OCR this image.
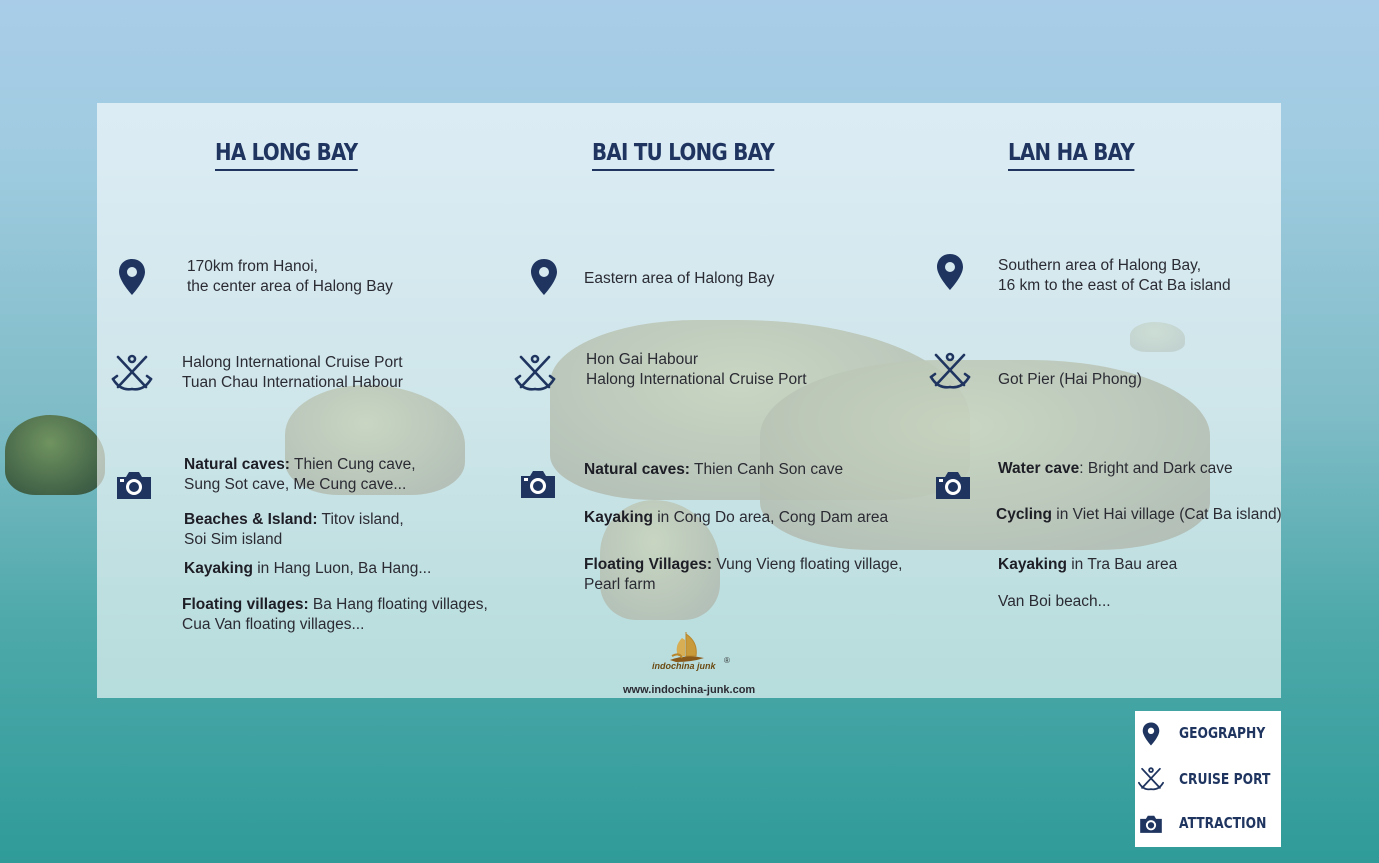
HA LONG BAY	BAI TU LONG BAY	LAN HA BAY
170km from Hanoi,
the center area of Halong Bay
Halong International Cruise Port
Tuan Chau International Habour
Natural caves: Thien Cung cave,
Sung Sot cave, Me Cung cave...
Beaches & Island: Titov island,
Soi Sim island
Kayaking in Hang Luon, Ba Hang...
Floating villages: Ba Hang floating villages,
Cua Van floating villages...
Eastern area of Halong Bay
Hon Gai Habour
Halong International Cruise Port
Natural caves: Thien Canh Son cave
Kayaking in Cong Do area, Cong Dam area
Floating Villages: Vung Vieng floating village,
Pearl farm
Southern area of Halong Bay,
16 km to the east of Cat Ba island
Got Pier (Hai Phong)
Water cave: Bright and Dark cave
Cycling in Viet Hai village (Cat Ba island)
Kayaking in Tra Bau area
Van Boi beach...
indochina junk
®
www.indochina-junk.com
GEOGRAPHY
CRUISE PORT
ATTRACTION
